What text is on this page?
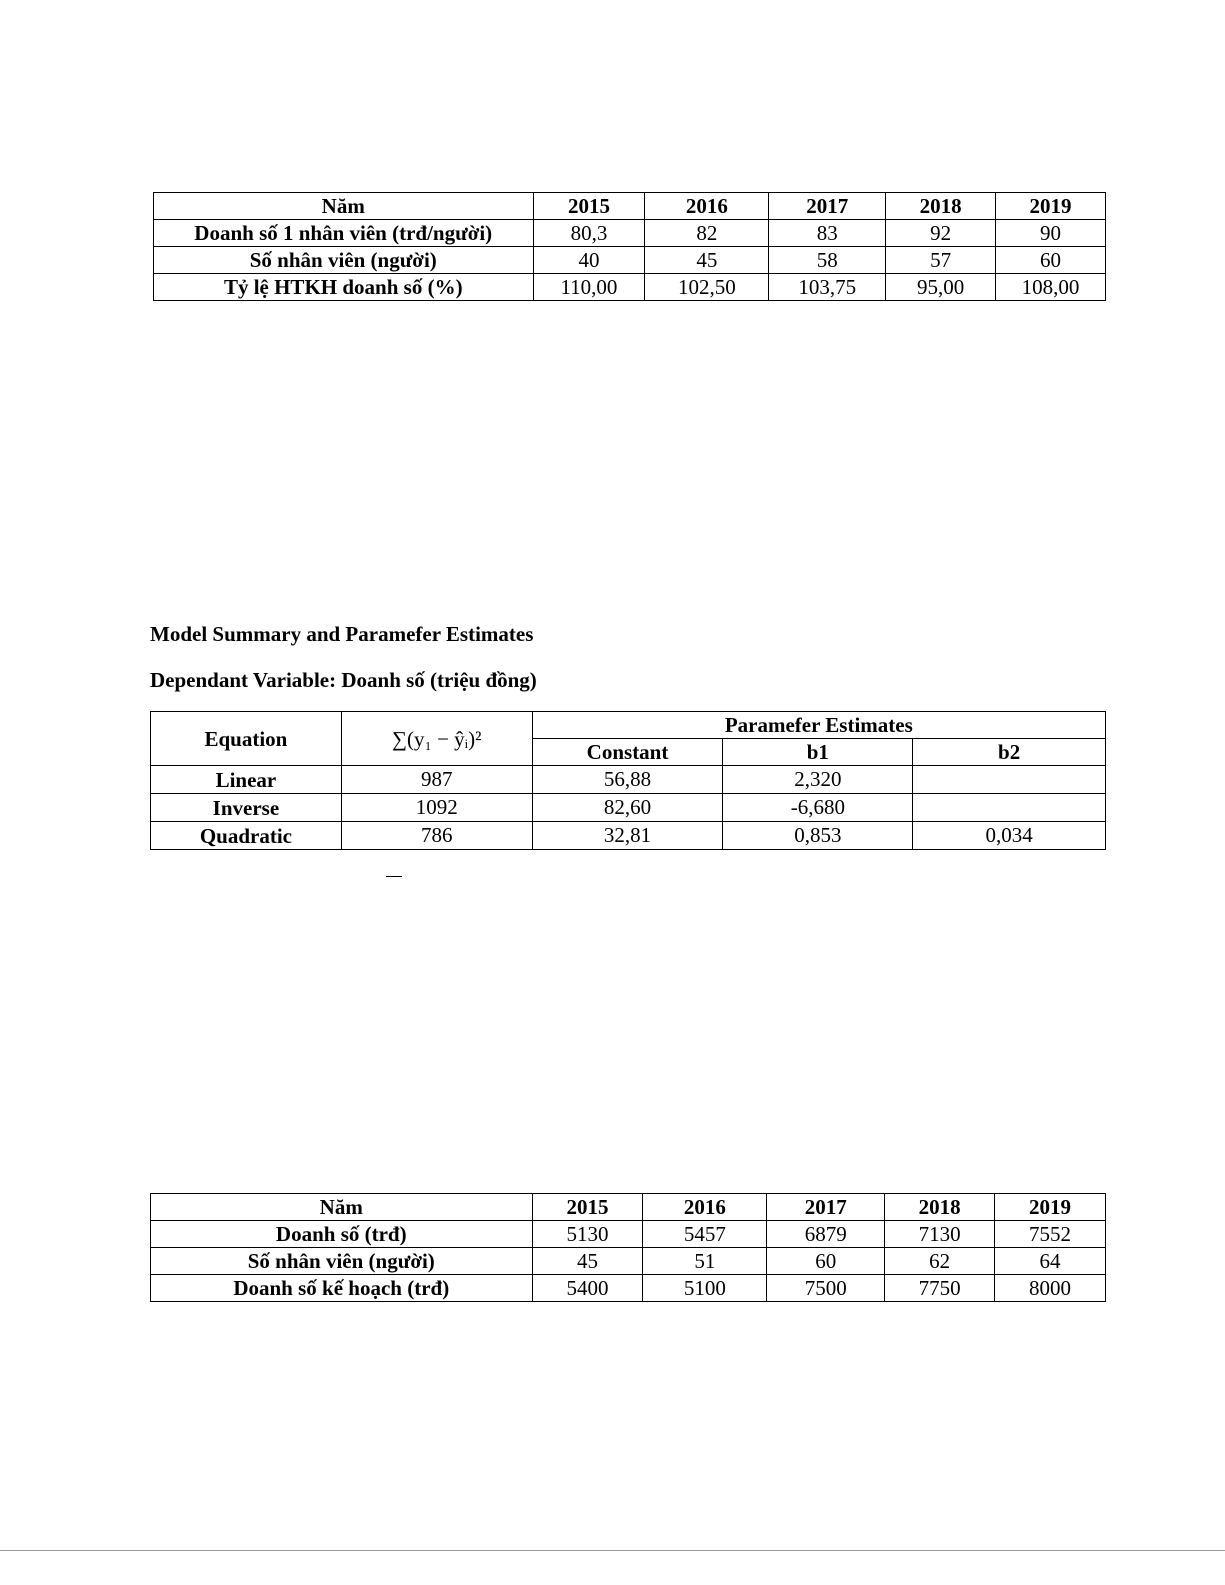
Năm	2015	2016	2017	2018	2019
Doanh số 1 nhân viên (trđ/người)	80,3	82	83	92	90
Số nhân viên (người)	40	45	58	57	60
Tỷ lệ HTKH doanh số (%)	110,00	102,50	103,75	95,00	108,00
Model Summary and Paramefer Estimates
Dependant Variable: Doanh số (triệu đồng)
Equation	∑(y₁ − ŷᵢ)²	Paramefer Estimates		
		Constant	b1	b2
Linear	987	56,88	2,320	
Inverse	1092	82,60	-6,680	
Quadratic	786	32,81	0,853	0,034
Năm	2015	2016	2017	2018	2019
Doanh số (trđ)	5130	5457	6879	7130	7552
Số nhân viên (người)	45	51	60	62	64
Doanh số kế hoạch (trđ)	5400	5100	7500	7750	8000
